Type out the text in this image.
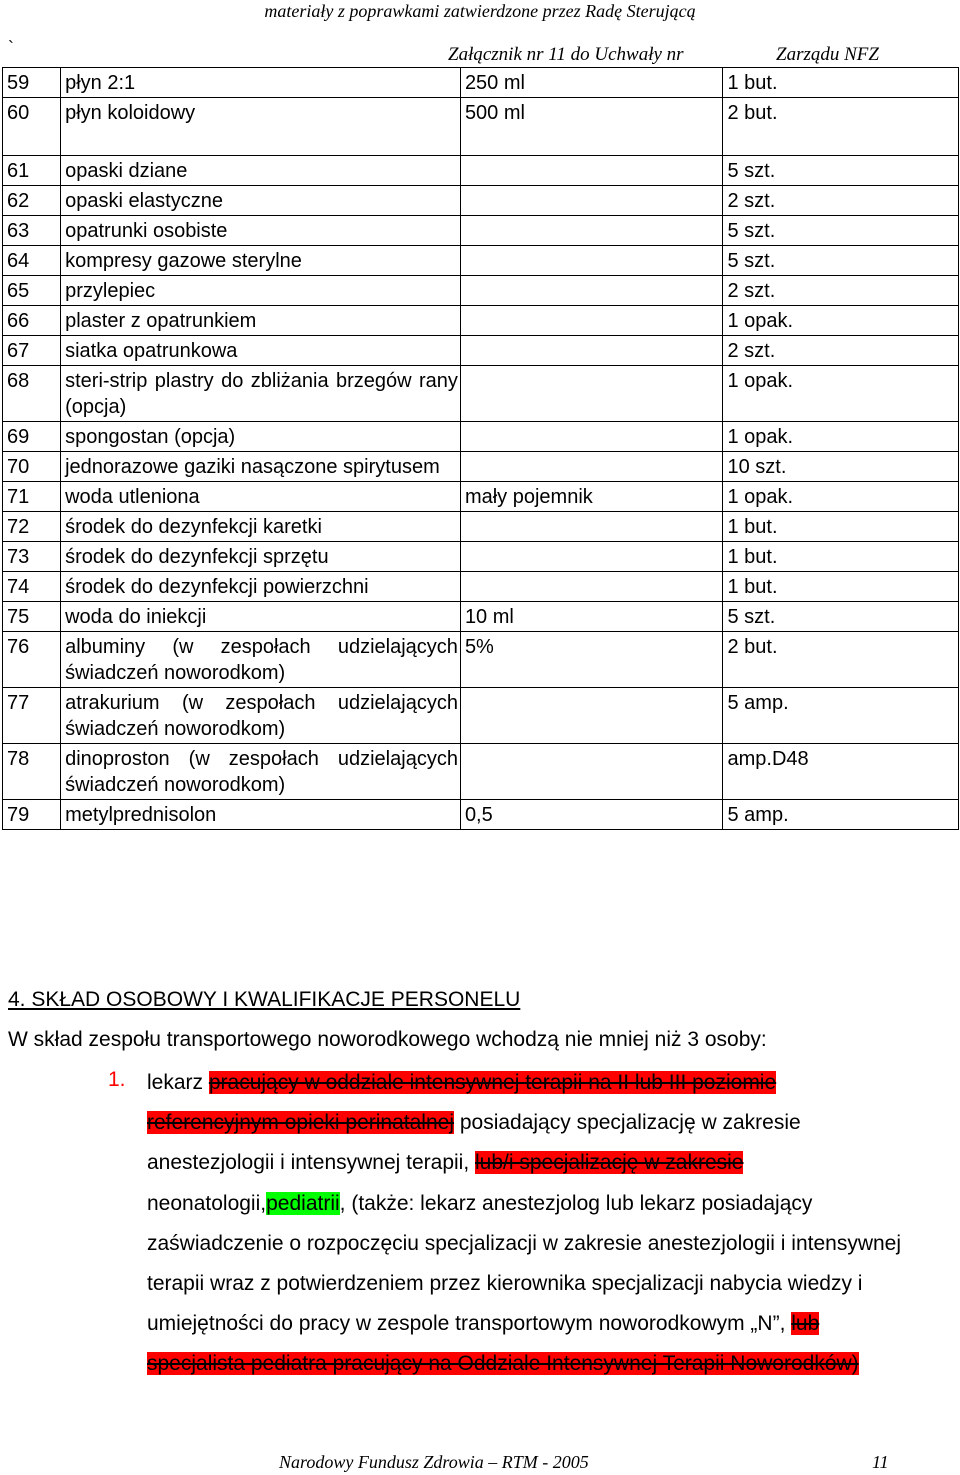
materiały z poprawkami zatwierdzone przez Radę Sterującą
`	Załącznik nr 11 do Uchwały nr	Zarządu NFZ
59	płyn 2:1	250 ml	1 but.

60	płyn koloidowy	500 ml	2 but.

61	opaski dziane		5 szt.

62	opaski elastyczne		2 szt.

63	opatrunki osobiste		5 szt.

64	kompresy gazowe sterylne		5 szt.

65	przylepiec		2 szt.

66	plaster z opatrunkiem		1 opak.

67	siatka opatrunkowa		2 szt.

68	steri-strip plastry do zbliżania brzegów rany (opcja)		1 opak.

69	spongostan (opcja)		1 opak.

70	jednorazowe gaziki nasączone spirytusem		10 szt.

71	woda utleniona	mały pojemnik	1 opak.

72	środek do dezynfekcji karetki		1 but.

73	środek do dezynfekcji sprzętu		1 but.

74	środek do dezynfekcji powierzchni		1 but.

75	woda do iniekcji	10 ml	5 szt.

76	albuminy (w zespołach udzielających świadczeń noworodkom)	5%	2 but.

77	atrakurium (w zespołach udzielających świadczeń noworodkom)		5 amp.

78	dinoproston (w zespołach udzielających świadczeń noworodkom)		amp.D48

79	metylprednisolon	0,5	5 amp.
4. SKŁAD OSOBOWY I KWALIFIKACJE PERSONELU
W skład zespołu transportowego noworodkowego wchodzą nie mniej niż 3 osoby:
1. lekarz pracujący w oddziale intensywnej terapii na II lub III poziomie referencyjnym opieki perinatalnej posiadający specjalizację w zakresie anestezjologii i intensywnej terapii, lub/i specjalizację w zakresie neonatologii,pediatrii, (także: lekarz anestezjolog lub lekarz posiadający zaświadczenie o rozpoczęciu specjalizacji w zakresie anestezjologii i intensywnej terapii wraz z potwierdzeniem przez kierownika specjalizacji nabycia wiedzy i umiejętności do pracy w zespole transportowym noworodkowym „N”, lub specjalista pediatra pracujący na Oddziale Intensywnej Terapii Noworodków)
Narodowy Fundusz Zdrowia – RTM - 2005	11
